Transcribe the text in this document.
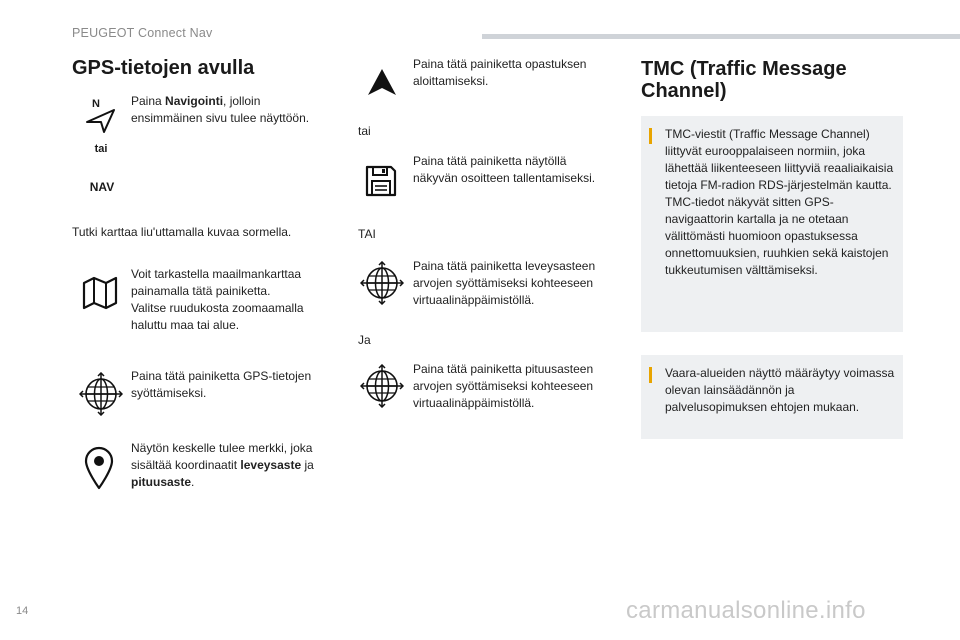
PEUGEOT Connect Nav
GPS-tietojen avulla
N
tai
NAV
Paina Navigointi, jolloin ensimmäinen sivu tulee näyttöön.
Tutki karttaa liu'uttamalla kuvaa sormella.
Voit tarkastella maailmankarttaa painamalla tätä painiketta.
Valitse ruudukosta zoomaamalla haluttu maa tai alue.
Paina tätä painiketta GPS-tietojen syöttämiseksi.
Näytön keskelle tulee merkki, joka sisältää koordinaatit leveysaste ja pituusaste.
Paina tätä painiketta opastuksen aloittamiseksi.
tai
Paina tätä painiketta näytöllä näkyvän osoitteen tallentamiseksi.
TAI
Paina tätä painiketta leveysasteen arvojen syöttämiseksi kohteeseen virtuaalinäppäimistöllä.
Ja
Paina tätä painiketta pituusasteen arvojen syöttämiseksi kohteeseen virtuaalinäppäimistöllä.
TMC (Traffic Message Channel)
TMC-viestit (Traffic Message Channel) liittyvät eurooppalaiseen normiin, joka lähettää liikenteeseen liittyviä reaaliaikaisia tietoja FM-radion RDS-järjestelmän kautta.
TMC-tiedot näkyvät sitten GPS-navigaattorin kartalla ja ne otetaan välittömästi huomioon opastuksessa onnettomuuksien, ruuhkien sekä kaistojen tukkeutumisen välttämiseksi.
Vaara-alueiden näyttö määräytyy voimassa olevan lainsäädännön ja palvelusopimuksen ehtojen mukaan.
14	carmanualsonline.info
